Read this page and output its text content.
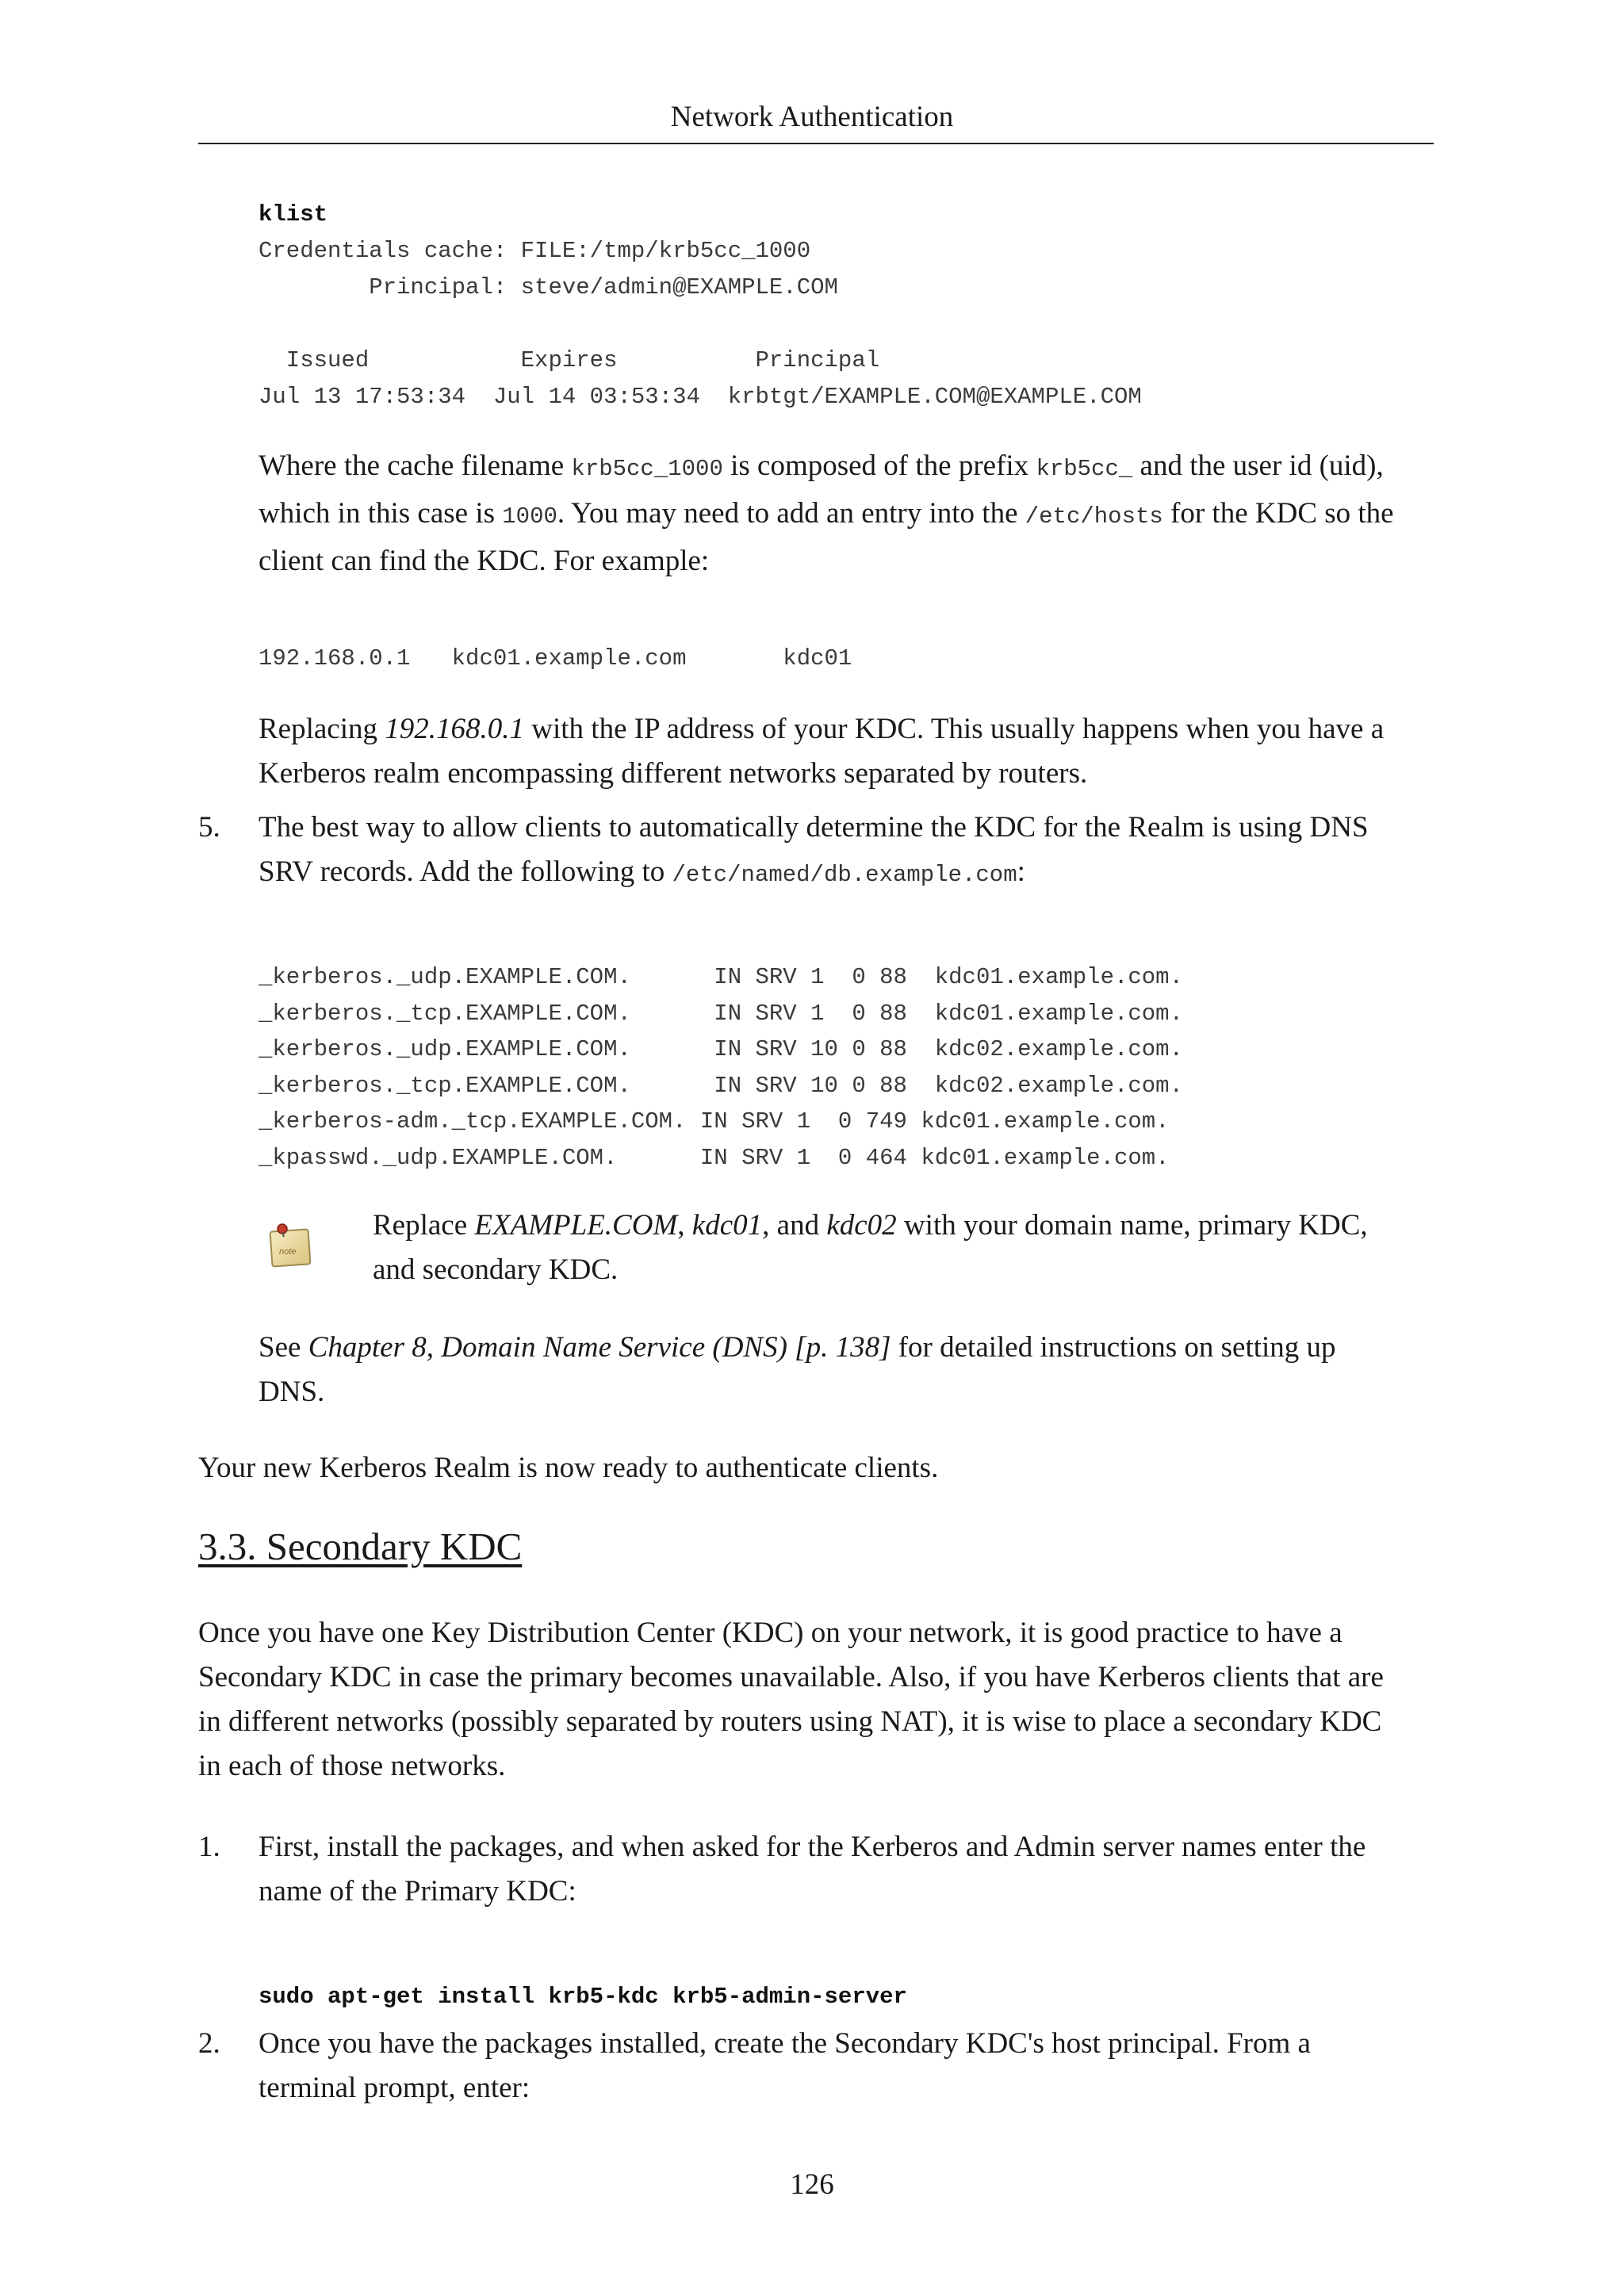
Network Authentication
klist
Credentials cache: FILE:/tmp/krb5cc_1000
Principal: steve/admin@EXAMPLE.COM
Issued           Expires          Principal
Jul 13 17:53:34  Jul 14 03:53:34  krbtgt/EXAMPLE.COM@EXAMPLE.COM
Where the cache filename krb5cc_1000 is composed of the prefix krb5cc_ and the user id (uid),
which in this case is 1000. You may need to add an entry into the /etc/hosts for the KDC so the
client can find the KDC. For example:
192.168.0.1   kdc01.example.com       kdc01
Replacing 192.168.0.1 with the IP address of your KDC. This usually happens when you have a
Kerberos realm encompassing different networks separated by routers.
5.	The best way to allow clients to automatically determine the KDC for the Realm is using DNS
SRV records. Add the following to /etc/named/db.example.com:
_kerberos._udp.EXAMPLE.COM.      IN SRV 1  0 88  kdc01.example.com.
_kerberos._tcp.EXAMPLE.COM.      IN SRV 1  0 88  kdc01.example.com.
_kerberos._udp.EXAMPLE.COM.      IN SRV 10 0 88  kdc02.example.com.
_kerberos._tcp.EXAMPLE.COM.      IN SRV 10 0 88  kdc02.example.com.
_kerberos-adm._tcp.EXAMPLE.COM. IN SRV 1  0 749 kdc01.example.com.
_kpasswd._udp.EXAMPLE.COM.      IN SRV 1  0 464 kdc01.example.com.
note
Replace EXAMPLE.COM, kdc01, and kdc02 with your domain name, primary KDC,
and secondary KDC.
See Chapter 8, Domain Name Service (DNS) [p. 138] for detailed instructions on setting up
DNS.
Your new Kerberos Realm is now ready to authenticate clients.
3.3. Secondary KDC
Once you have one Key Distribution Center (KDC) on your network, it is good practice to have a
Secondary KDC in case the primary becomes unavailable. Also, if you have Kerberos clients that are
in different networks (possibly separated by routers using NAT), it is wise to place a secondary KDC
in each of those networks.
1.	First, install the packages, and when asked for the Kerberos and Admin server names enter the
name of the Primary KDC:
sudo apt-get install krb5-kdc krb5-admin-server
2.	Once you have the packages installed, create the Secondary KDC's host principal. From a
terminal prompt, enter:
126
